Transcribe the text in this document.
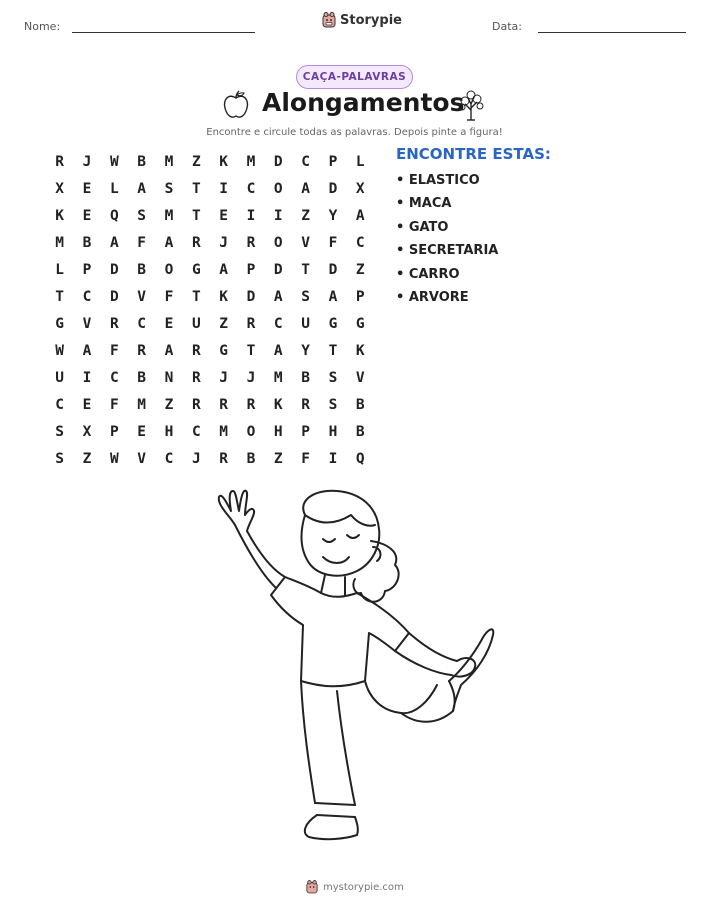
Nome:	Storypie	Data:
CAÇA-PALAVRAS
Alongamentos
Encontre e circule todas as palavras. Depois pinte a figura!
R	J	W	B	M	Z	K	M	D	C	P	L
X	E	L	A	S	T	I	C	O	A	D	X
K	E	Q	S	M	T	E	I	I	Z	Y	A
M	B	A	F	A	R	J	R	O	V	F	C
L	P	D	B	O	G	A	P	D	T	D	Z
T	C	D	V	F	T	K	D	A	S	A	P
G	V	R	C	E	U	Z	R	C	U	G	G
W	A	F	R	A	R	G	T	A	Y	T	K
U	I	C	B	N	R	J	J	M	B	S	V
C	E	F	M	Z	R	R	R	K	R	S	B
S	X	P	E	H	C	M	O	H	P	H	B
S	Z	W	V	C	J	R	B	Z	F	I	Q
ENCONTRE ESTAS:
• ELASTICO
• MACA
• GATO
• SECRETARIA
• CARRO
• ARVORE
mystorypie.com
